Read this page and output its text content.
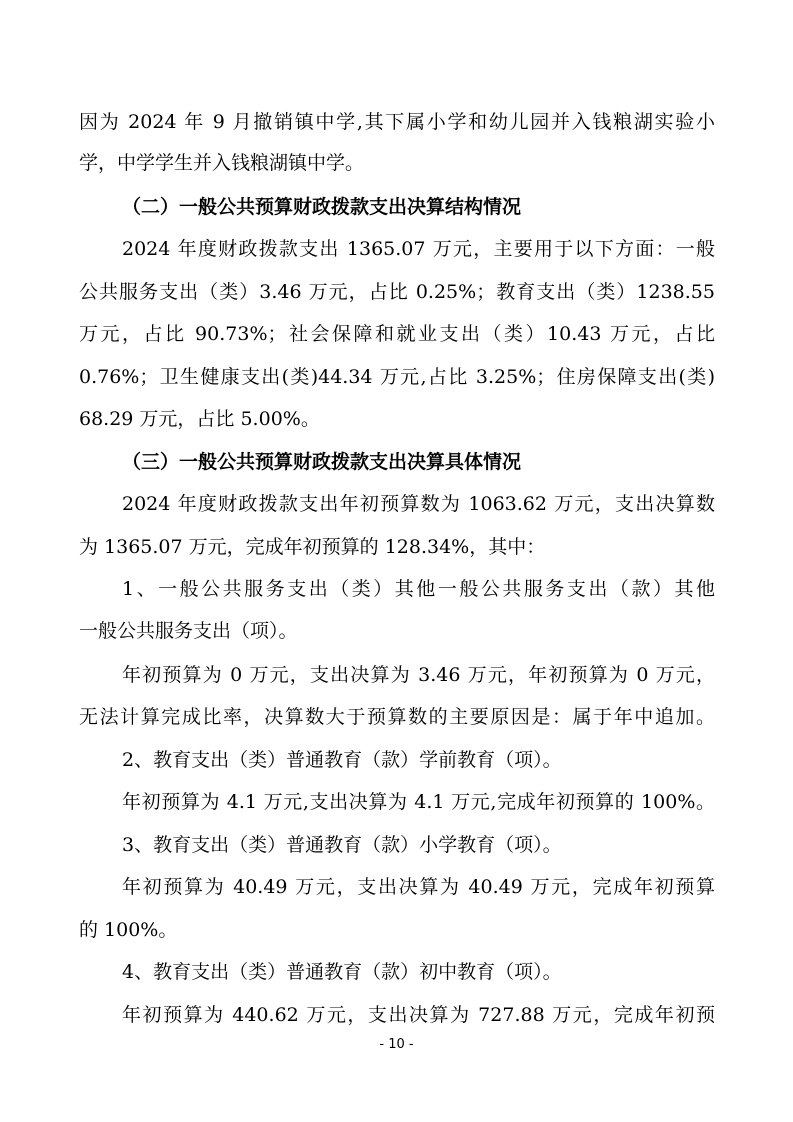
因为 2024 年 9 月撤销镇中学,其下属小学和幼儿园并入钱粮湖实验小
学，中学学生并入钱粮湖镇中学。
（二）一般公共预算财政拨款支出决算结构情况
2024 年度财政拨款支出 1365.07 万元，主要用于以下方面：一般
公共服务支出（类）3.46 万元，占比 0.25%；教育支出（类）1238.55
万元，占比 90.73%；社会保障和就业支出（类）10.43 万元，占比
0.76%；卫生健康支出(类)44.34 万元,占比 3.25%；住房保障支出(类)
68.29 万元，占比 5.00%。
（三）一般公共预算财政拨款支出决算具体情况
2024 年度财政拨款支出年初预算数为 1063.62 万元，支出决算数
为 1365.07 万元，完成年初预算的 128.34%，其中：
1、一般公共服务支出（类）其他一般公共服务支出（款）其他
一般公共服务支出（项）。
年初预算为 0 万元，支出决算为 3.46 万元，年初预算为 0 万元，
无法计算完成比率，决算数大于预算数的主要原因是：属于年中追加。
2、教育支出（类）普通教育（款）学前教育（项）。
年初预算为 4.1 万元,支出决算为 4.1 万元,完成年初预算的 100%。
3、教育支出（类）普通教育（款）小学教育（项）。
年初预算为 40.49 万元，支出决算为 40.49 万元，完成年初预算
的 100%。
4、教育支出（类）普通教育（款）初中教育（项）。
年初预算为 440.62 万元，支出决算为 727.88 万元，完成年初预
- 10 -
